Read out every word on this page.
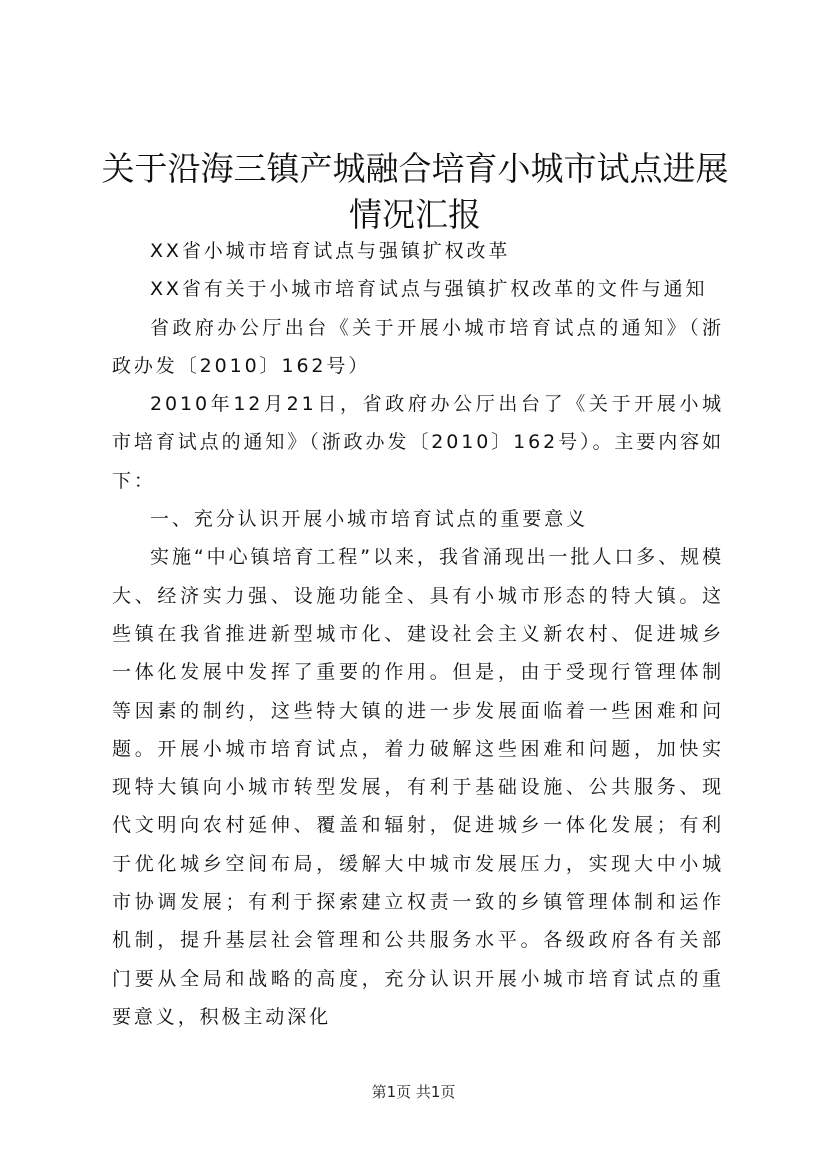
关于沿海三镇产城融合培育小城市试点进展情况汇报

XX省小城市培育试点与强镇扩权改革

XX省有关于小城市培育试点与强镇扩权改革的文件与通知

省政府办公厅出台《关于开展小城市培育试点的通知》（浙政办发〔2010〕162号）

2010年12月21日，省政府办公厅出台了《关于开展小城市培育试点的通知》（浙政办发〔2010〕162号）。主要内容如下：

一、充分认识开展小城市培育试点的重要意义

实施“中心镇培育工程”以来，我省涌现出一批人口多、规模大、经济实力强、设施功能全、具有小城市形态的特大镇。这些镇在我省推进新型城市化、建设社会主义新农村、促进城乡一体化发展中发挥了重要的作用。但是，由于受现行管理体制等因素的制约，这些特大镇的进一步发展面临着一些困难和问题。开展小城市培育试点，着力破解这些困难和问题，加快实现特大镇向小城市转型发展，有利于基础设施、公共服务、现代文明向农村延伸、覆盖和辐射，促进城乡一体化发展；有利于优化城乡空间布局，缓解大中城市发展压力，实现大中小城市协调发展；有利于探索建立权责一致的乡镇管理体制和运作机制，提升基层社会管理和公共服务水平。各级政府各有关部门要从全局和战略的高度，充分认识开展小城市培育试点的重要意义，积极主动深化

第1页 共1页
